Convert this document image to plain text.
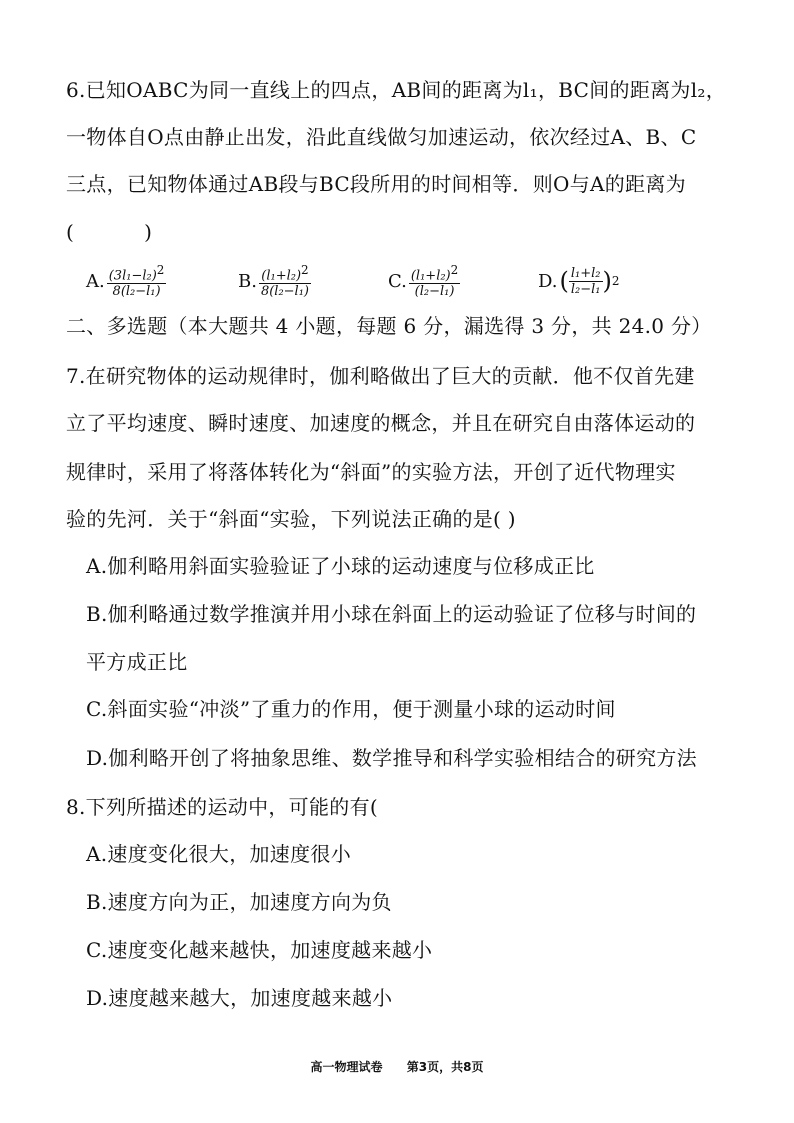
6.已知OABC为同一直线上的四点，AB间的距离为l₁，BC间的距离为l₂，
一物体自O点由静止出发，沿此直线做匀加速运动，依次经过A、B、C
三点，已知物体通过AB段与BC段所用的时间相等．则O与A的距离为
(	)
A. $\frac{\text{(3l₁−l₂)2}}{\text{8(l₂−l₁)}}$	B. $\frac{\text{(l₁+l₂)2}}{\text{8(l₂−l₁)}}$	C. $\frac{\text{(l₁+l₂)2}}{\text{(l₂−l₁)}}$	D. ( $\frac{\text{l₁+l₂}}{\text{l₂−l₁}}$ ) 2
二、多选题（本大题共 4 小题，每题 6 分，漏选得 3 分，共 24.0 分）
7.在研究物体的运动规律时，伽利略做出了巨大的贡献．他不仅首先建
立了平均速度、瞬时速度、加速度的概念，并且在研究自由落体运动的
规律时，采用了将落体转化为“斜面”的实验方法，开创了近代物理实
验的先河．关于“斜面“实验，下列说法正确的是( )
A.伽利略用斜面实验验证了小球的运动速度与位移成正比
B.伽利略通过数学推演并用小球在斜面上的运动验证了位移与时间的
平方成正比
C.斜面实验“冲淡”了重力的作用，便于测量小球的运动时间
D.伽利略开创了将抽象思维、数学推导和科学实验相结合的研究方法
8.下列所描述的运动中，可能的有(
A.速度变化很大，加速度很小
B.速度方向为正，加速度方向为负
C.速度变化越来越快，加速度越来越小
D.速度越来越大，加速度越来越小
高一物理试卷 第3页，共8页
